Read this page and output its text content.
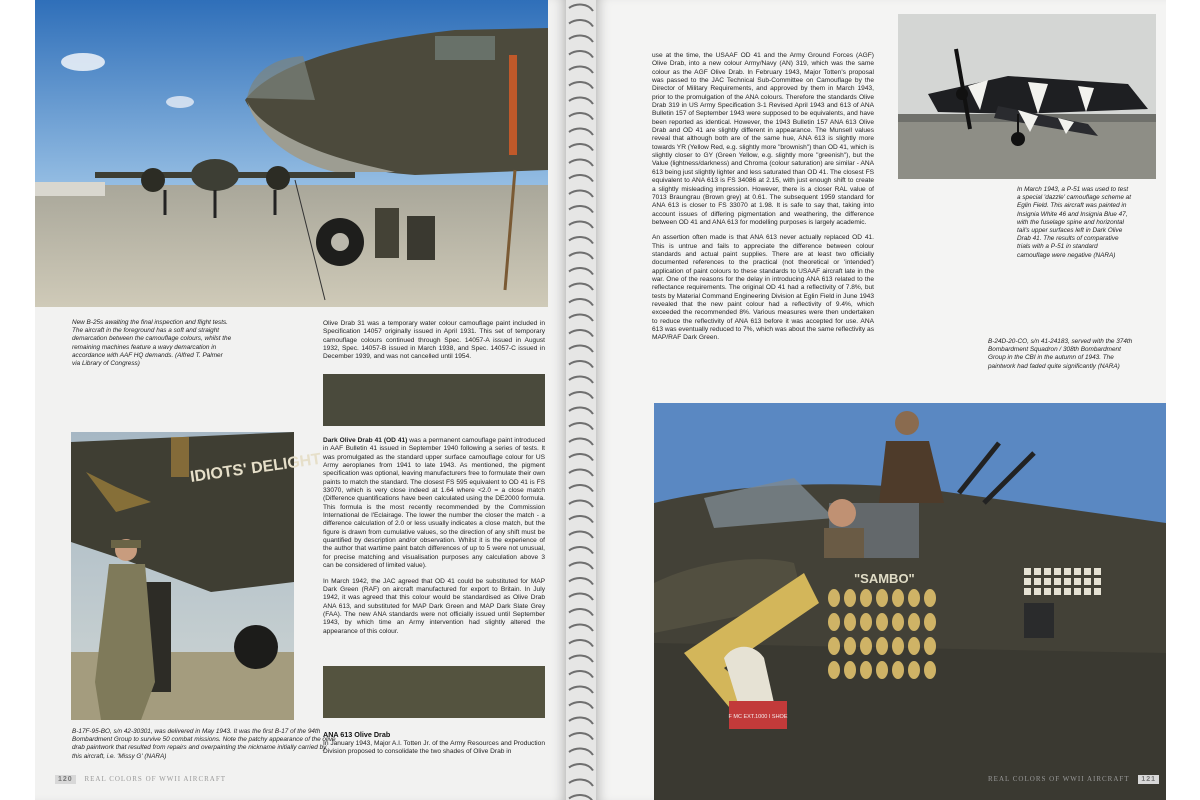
New B-25s awaiting the final inspection and flight tests. The aircraft in the foreground has a soft and straight demarcation between the camouflage colours, whilst the remaining machines feature a wavy demarcation in accordance with AAF HQ demands. (Alfred T. Palmer via Library of Congress)
IDIOTS' DELIGHT
B-17F-95-BO, s/n 42-30301, was delivered in May 1943. It was the first B-17 of the 94th Bombardment Group to survive 50 combat missions. Note the patchy appearance of the olive drab paintwork that resulted from repairs and overpainting the nickname initially carried by this aircraft, i.e. 'Missy G' (NARA)
Olive Drab 31 was a temporary water colour camouflage paint included in Specification 14057 originally issued in April 1931. This set of temporary camouflage colours continued through Spec. 14057-A issued in August 1932, Spec. 14057-B issued in March 1938, and Spec. 14057-C issued in December 1939, and was not cancelled until 1954.

Dark Olive Drab 41 (OD 41) was a permanent camouflage paint introduced in AAF Bulletin 41 issued in September 1940 following a series of tests. It was promulgated as the standard upper surface camouflage colour for US Army aeroplanes from 1941 to late 1943. As mentioned, the pigment specification was optional, leaving manufacturers free to formulate their own paints to match the standard. The closest FS 595 equivalent to OD 41 is FS 33070, which is very close indeed at 1.64 where <2.0 = a close match (Difference quantifications have been calculated using the DE2000 formula. This formula is the most recently recommended by the Commission International de l'Eclairage. The lower the number the closer the match - a difference calculation of 2.0 or less usually indicates a close match, but the figure is drawn from cumulative values, so the direction of any shift must be quantified by description and/or observation. Whilst it is the experience of the author that wartime paint batch differences of up to 5 were not unusual, for precise matching and visualisation purposes any calculation above 3 can be considered of limited value).

In March 1942, the JAC agreed that OD 41 could be substituted for MAP Dark Green (RAF) on aircraft manufactured for export to Britain. In July 1942, it was agreed that this colour would be standardised as Olive Drab ANA 613, and substituted for MAP Dark Green and MAP Dark Slate Grey (FAA). The new ANA standards were not officially issued until September 1943, by which time an Army intervention had slightly altered the appearance of this colour.

ANA 613 Olive Drab
In January 1943, Major A.I. Totten Jr. of the Army Resources and Production Division proposed to consolidate the two shades of Olive Drab in
120 REAL COLORS OF WWII AIRCRAFT

use at the time, the USAAF OD 41 and the Army Ground Forces (AGF) Olive Drab, into a new colour Army/Navy (AN) 319, which was the same colour as the AGF Olive Drab. In February 1943, Major Totten's proposal was passed to the JAC Technical Sub-Committee on Camouflage by the Director of Military Requirements, and approved by them in March 1943, prior to the promulgation of the ANA colours. Therefore the standards Olive Drab 319 in US Army Specification 3-1 Revised April 1943 and 613 of ANA Bulletin 157 of September 1943 were supposed to be equivalents, and have been reported as identical. However, the 1943 Bulletin 157 ANA 613 Olive Drab and OD 41 are slightly different in appearance. The Munsell values reveal that although both are of the same hue, ANA 613 is slightly more towards YR (Yellow Red, e.g. slightly more "brownish") than OD 41, which is slightly closer to GY (Green Yellow, e.g. slightly more "greenish"), but the Value (lightness/darkness) and Chroma (colour saturation) are similar - ANA 613 being just slightly lighter and less saturated than OD 41. The closest FS equivalent to ANA 613 is FS 34086 at 2.15, with just enough shift to create a slightly misleading impression. However, there is a closer RAL value of 7013 Braungrau (Brown grey) at 0.61. The subsequent 1959 standard for ANA 613 is closer to FS 33070 at 1.98. It is safe to say that, taking into account issues of differing pigmentation and weathering, the difference between OD 41 and ANA 613 for modelling purposes is largely academic.

An assertion often made is that ANA 613 never actually replaced OD 41. This is untrue and fails to appreciate the difference between colour standards and actual paint supplies. There are at least two officially documented references to the practical (not theoretical or 'intended') application of paint colours to these standards to USAAF aircraft late in the war. One of the reasons for the delay in introducing ANA 613 related to the reflectance requirements. The original OD 41 had a reflectivity of 7.8%, but tests by Material Command Engineering Division at Eglin Field in June 1943 revealed that the new paint colour had a reflectivity of 9.4%, which exceeded the recommended 8%. Various measures were then undertaken to reduce the reflectivity of ANA 613 before it was accepted for use. ANA 613 was eventually reduced to 7%, which was about the same reflectivity as MAP/RAF Dark Green.

In March 1943, a P-51 was used to test a special 'dazzle' camouflage scheme at Eglin Field. This aircraft was painted in Insignia White 46 and Insignia Blue 47, with the fuselage spine and horizontal tail's upper surfaces left in Dark Olive Drab 41. The results of comparative trials with a P-51 in standard camouflage were negative (NARA)
B-24D-20-CO, s/n 41-24183, served with the 374th Bombardment Squadron / 308th Bombardment Group in the CBI in the autumn of 1943. The paintwork had faded quite significantly (NARA)
"SAMBO"
F MC EXT.1000 I SHOE
REAL COLORS OF WWII AIRCRAFT 121
